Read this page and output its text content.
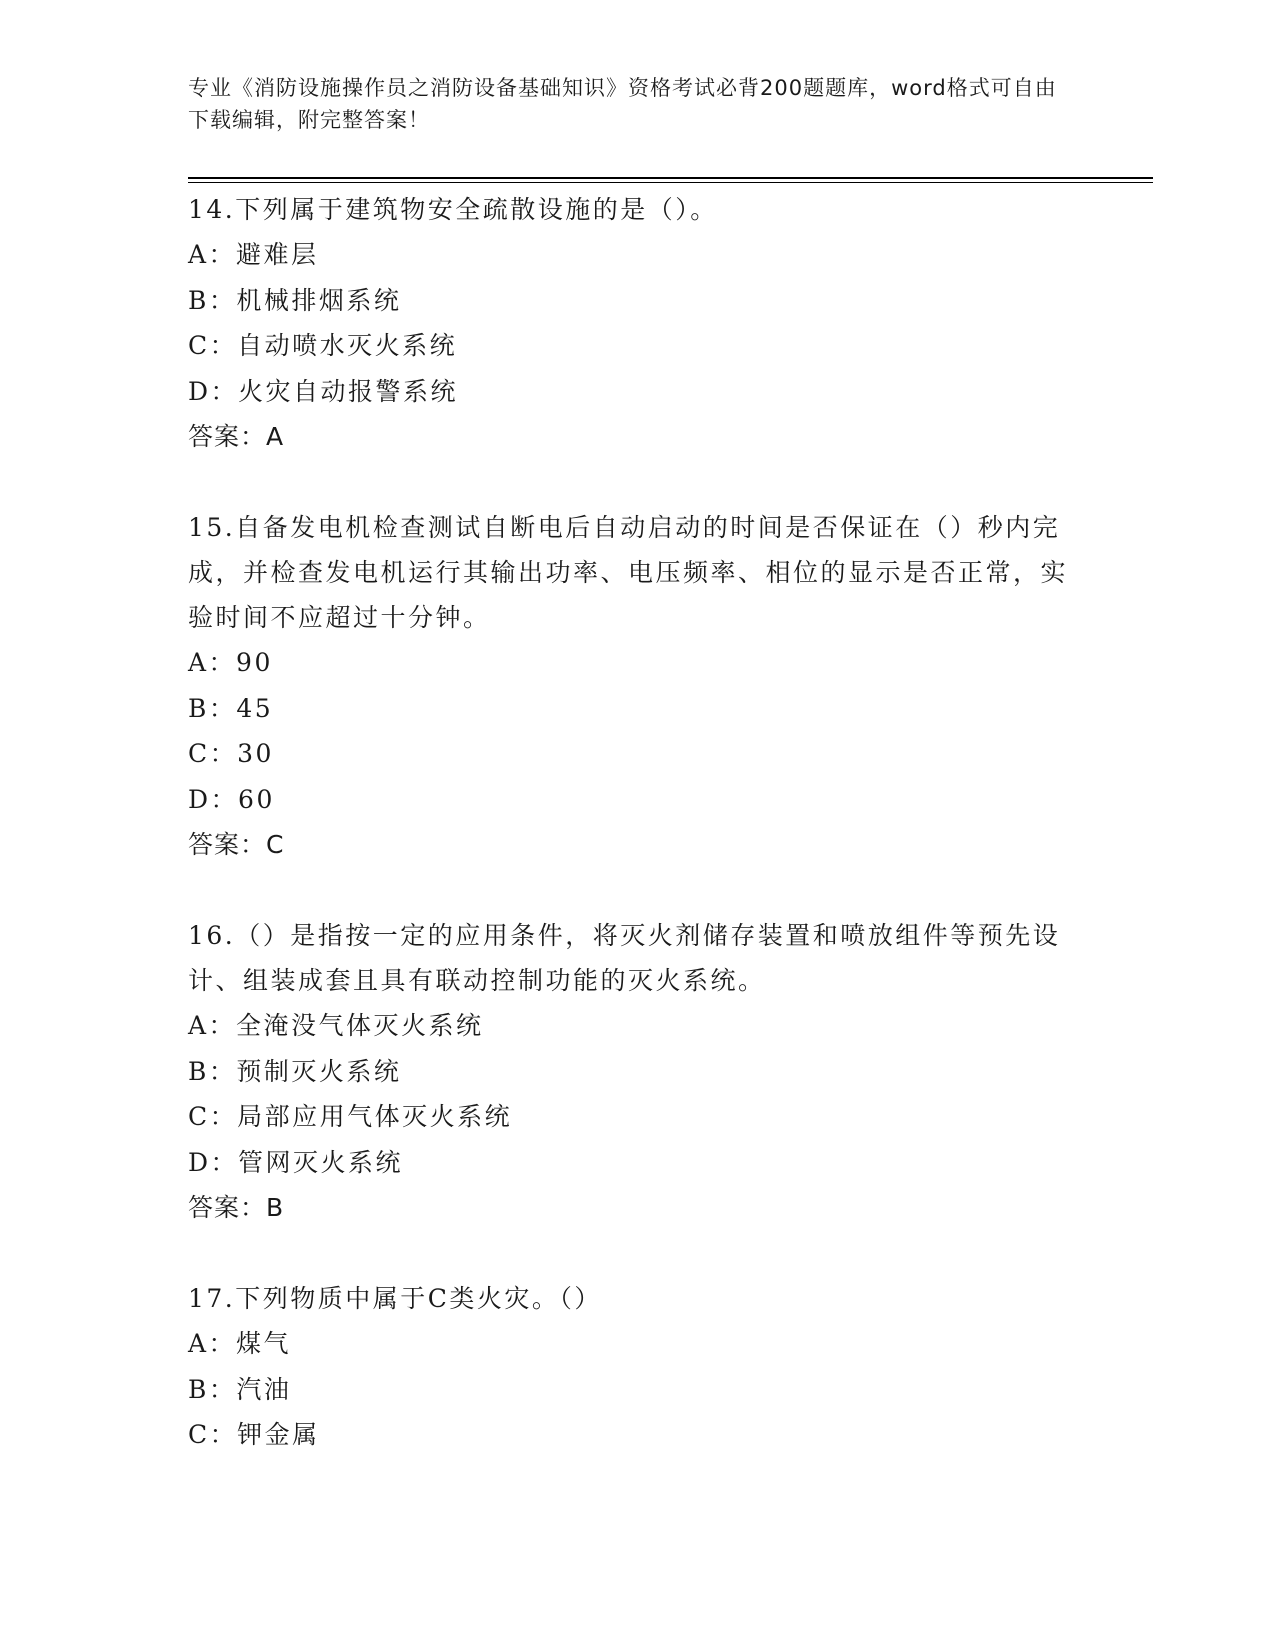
专业《消防设施操作员之消防设备基础知识》资格考试必背200题题库，word格式可自由下载编辑，附完整答案！

14.下列属于建筑物安全疏散设施的是（）。

A：避难层

B：机械排烟系统

C：自动喷水灭火系统

D：火灾自动报警系统

答案：A

15.自备发电机检查测试自断电后自动启动的时间是否保证在（）秒内完成，并检查发电机运行其输出功率、电压频率、相位的显示是否正常，实验时间不应超过十分钟。

A：90

B：45

C：30

D：60

答案：C

16.（）是指按一定的应用条件，将灭火剂储存装置和喷放组件等预先设计、组装成套且具有联动控制功能的灭火系统。

A：全淹没气体灭火系统

B：预制灭火系统

C：局部应用气体灭火系统

D：管网灭火系统

答案：B

17.下列物质中属于C类火灾。（）

A：煤气

B：汽油

C：钾金属
